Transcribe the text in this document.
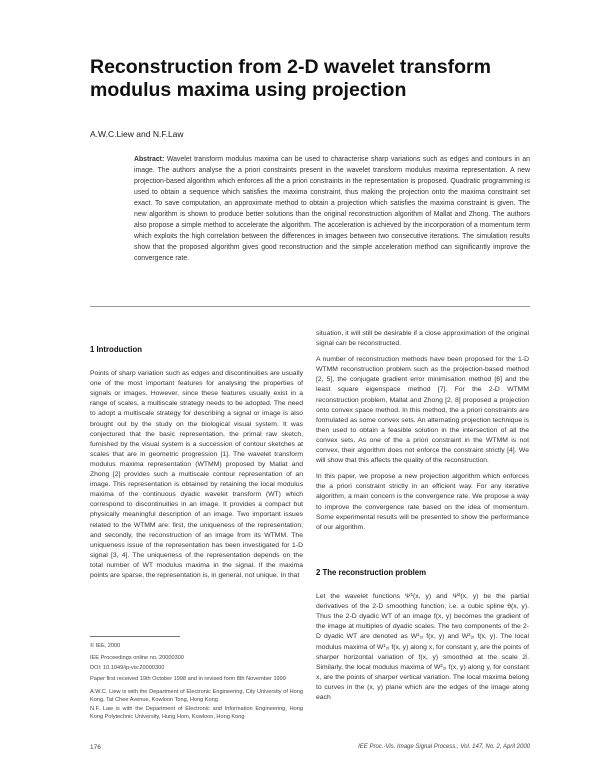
Reconstruction from 2-D wavelet transform modulus maxima using projection
A.W.C.Liew and N.F.Law
Abstract: Wavelet transform modulus maxima can be used to characterise sharp variations such as edges and contours in an image. The authors analyse the a priori constraints present in the wavelet transform modulus maxima representation. A new projection-based algorithm which enforces all the a priori constraints in the representation is proposed. Quadratic programming is used to obtain a sequence which satisfies the maxima constraint, thus making the projection onto the maxima constraint set exact. To save computation, an approximate method to obtain a projection which satisfies the maxima constraint is given. The new algorithm is shown to produce better solutions than the original reconstruction algorithm of Mallat and Zhong. The authors also propose a simple method to accelerate the algorithm. The acceleration is achieved by the incorporation of a momentum term which exploits the high correlation between the differences in images between two consecutive iterations. The simulation results show that the proposed algorithm gives good reconstruction and the simple acceleration method can significantly improve the convergence rate.
1 Introduction

Points of sharp variation such as edges and discontinuities are usually one of the most important features for analysing the properties of signals or images. However, since these features usually exist in a range of scales, a multiscale strategy needs to be adopted. The need to adopt a multiscale strategy for describing a signal or image is also brought out by the study on the biological visual system. It was conjectured that the basic representation, the primal raw sketch, furnished by the visual system is a succession of contour sketches at scales that are in geometric progression [1]. The wavelet transform modulus maxima representation (WTMM) proposed by Mallat and Zhong [2] provides such a multiscale contour representation of an image. This representation is obtained by retaining the local modulus maxima of the continuous dyadic wavelet transform (WT) which correspond to discontinuities in an image. It provides a compact but physically meaningful description of an image. Two important issues related to the WTMM are: first, the uniqueness of the representation; and secondly, the reconstruction of an image from its WTMM. The uniqueness issue of the representation has been investigated for 1-D signal [3, 4]. The uniqueness of the representation depends on the total number of WT modulus maxima in the signal. If the maxima points are sparse, the representation is, in general, not unique. In that

situation, it will still be desirable if a close approximation of the original signal can be reconstructed.

A number of reconstruction methods have been proposed for the 1-D WTMM reconstruction problem such as the projection-based method [2, 5], the conjugate gradient error minimisation method [6] and the least square eigenspace method [7]. For the 2-D WTMM reconstruction problem, Mallat and Zhong [2, 8] proposed a projection onto convex space method. In this method, the a priori constraints are formulated as some convex sets. An alternating projection technique is then used to obtain a feasible solution in the intersection of all the convex sets. As one of the a priori constraint in the WTMM is not convex, their algorithm does not enforce the constraint strictly [4]. We will show that this affects the quality of the reconstruction.

In this paper, we propose a new projection algorithm which enforces the a priori constraint strictly in an efficient way. For any iterative algorithm, a main concern is the convergence rate. We propose a way to improve the convergence rate based on the idea of momentum. Some experimental results will be presented to show the performance of our algorithm.

2 The reconstruction problem

Let the wavelet functions Ψ¹(x, y) and Ψ²(x, y) be the partial derivatives of the 2-D smoothing function, i.e. a cubic spline θ(x, y). Thus the 2-D dyadic WT of an image f(x, y) becomes the gradient of the image at multiples of dyadic scales. The two components of the 2-D dyadic WT are denoted as W¹₂ⱼ f(x, y) and W²₂ⱼ f(x, y). The local modulus maxima of W¹₂ⱼ f(x, y) along x, for constant y, are the points of sharper horizontal variation of f(x, y) smoothed at the scale 2ʲ. Similarly, the local modulus maxima of W²₂ⱼ f(x, y) along y, for constant x, are the points of sharper vertical variation. The local maxima belong to curves in the (x, y) plane which are the edges of the image along each

© IEE, 2000
IEE Proceedings online no. 20000300
DOI: 10.1049/ip-vis:20000300
Paper first received 19th October 1998 and in revised form 8th November 1999
A.W.C. Liew is with the Department of Electronic Engineering, City University of Hong Kong, Tat Chee Avenue, Kowloon Tong, Hong Kong
N.F. Law is with the Department of Electronic and Information Engineering, Hong Kong Polytechnic University, Hung Hom, Kowloon, Hong Kong
176	IEE Proc.-Vis. Image Signal Process., Vol. 147, No. 2, April 2000
